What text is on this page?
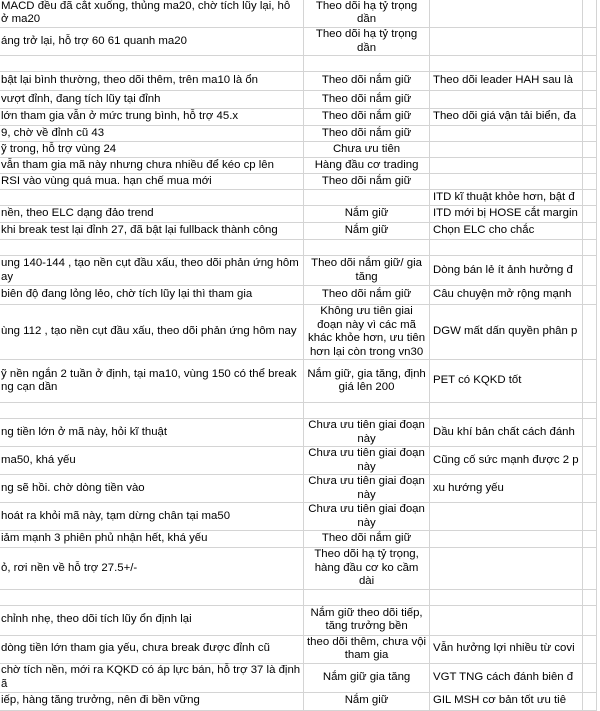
MACD đều đã cắt xuống, thủng ma20, chờ tích lũy lại, hỗ
ở ma20	Theo dõi hạ tỷ trọng dần		
áng trở lại, hỗ trợ 60 61 quanh ma20	Theo dõi hạ tỷ trọng dần		

bật lại bình thường, theo dõi thêm, trên ma10 là ổn	Theo dõi nắm giữ	Theo dõi leader HAH sau là	
vượt đỉnh, đang tích lũy tại đỉnh	Theo dõi nắm giữ		
lớn tham gia vẫn ở mức trung bình, hỗ trợ 45.x	Theo dõi nắm giữ	Theo dõi giá vận tải biển, đa	
9, chờ về đỉnh cũ 43	Theo dõi nắm giữ		
ỹ trong, hỗ trợ vùng 24	Chưa ưu tiên		
vẫn tham gia mã này nhưng chưa nhiều để kéo cp lên	Hàng đầu cơ trading		
RSI vào vùng quá mua. hạn chế mua mới	Theo dõi nắm giữ		
		ITD kĩ thuật khỏe hơn, bật đ	
nền, theo ELC dạng đảo trend	Nắm giữ	ITD mới bị HOSE cắt margin	
khi break test lại đỉnh 27, đã bật lại fullback thành công	Nắm giữ	Chọn ELC cho chắc	

ung 140-144 , tạo nền cụt đầu xấu, theo dõi phản ứng hôm
ay	Theo dõi nắm giữ/ gia tăng	Dòng bán lẻ ít ảnh hưởng đ	
biên độ đang lỏng lẻo, chờ tích lũy lại thì tham gia	Theo dõi nắm giữ	Câu chuyện mở rộng mạnh	
ùng 112 , tạo nền cụt đầu xấu, theo dõi phản ứng hôm nay	Không ưu tiên giai đoạn này vì các mã khác khỏe hơn, ưu tiên hơn lại còn trong vn30	DGW mất dấn quyền phân p	
ỹ nền ngắn 2 tuần ở định, tại ma10, vùng 150 có thể break
ng cạn dần	Nắm giữ, gia tăng, định giá lên 200	PET có KQKD tốt	

ng tiền lớn ở mã này, hỏi kĩ thuật	Chưa ưu tiên giai đoạn này	Dầu khí bản chất cách đánh	
ma50, khá yếu	Chưa ưu tiên giai đoạn này	Cũng cố sức mạnh được 2 p	
ng sẽ hồi. chờ dòng tiền vào	Chưa ưu tiên giai đoạn này	xu hướng yếu	
hoát ra khỏi mã này, tạm dừng chân tại ma50	Chưa ưu tiên giai đoạn này		
iảm mạnh 3 phiên phủ nhận hết, khá yếu	Theo dõi nắm giữ		
ỏ, rơi nền về hỗ trợ 27.5+/-	Theo dõi hạ tỷ trọng, hàng đầu cơ ko cầm dài		

chỉnh nhẹ, theo dõi tích lũy ổn định lại	Nắm giữ theo dõi tiếp, tăng trưởng bền		
dòng tiền lớn tham gia yếu, chưa break được đỉnh cũ	theo dõi thêm, chưa vội tham gia	Vẫn hưởng lợi nhiều từ covi	
chờ tích nền, mới ra KQKD có áp lực bán, hỗ trợ 37 là định
ã	Nắm giữ gia tăng	VGT TNG cách đánh biên đ	
iếp, hàng tăng trưởng, nên đi bền vững	Nắm giữ	GIL MSH cơ bản tốt ưu tiê	
